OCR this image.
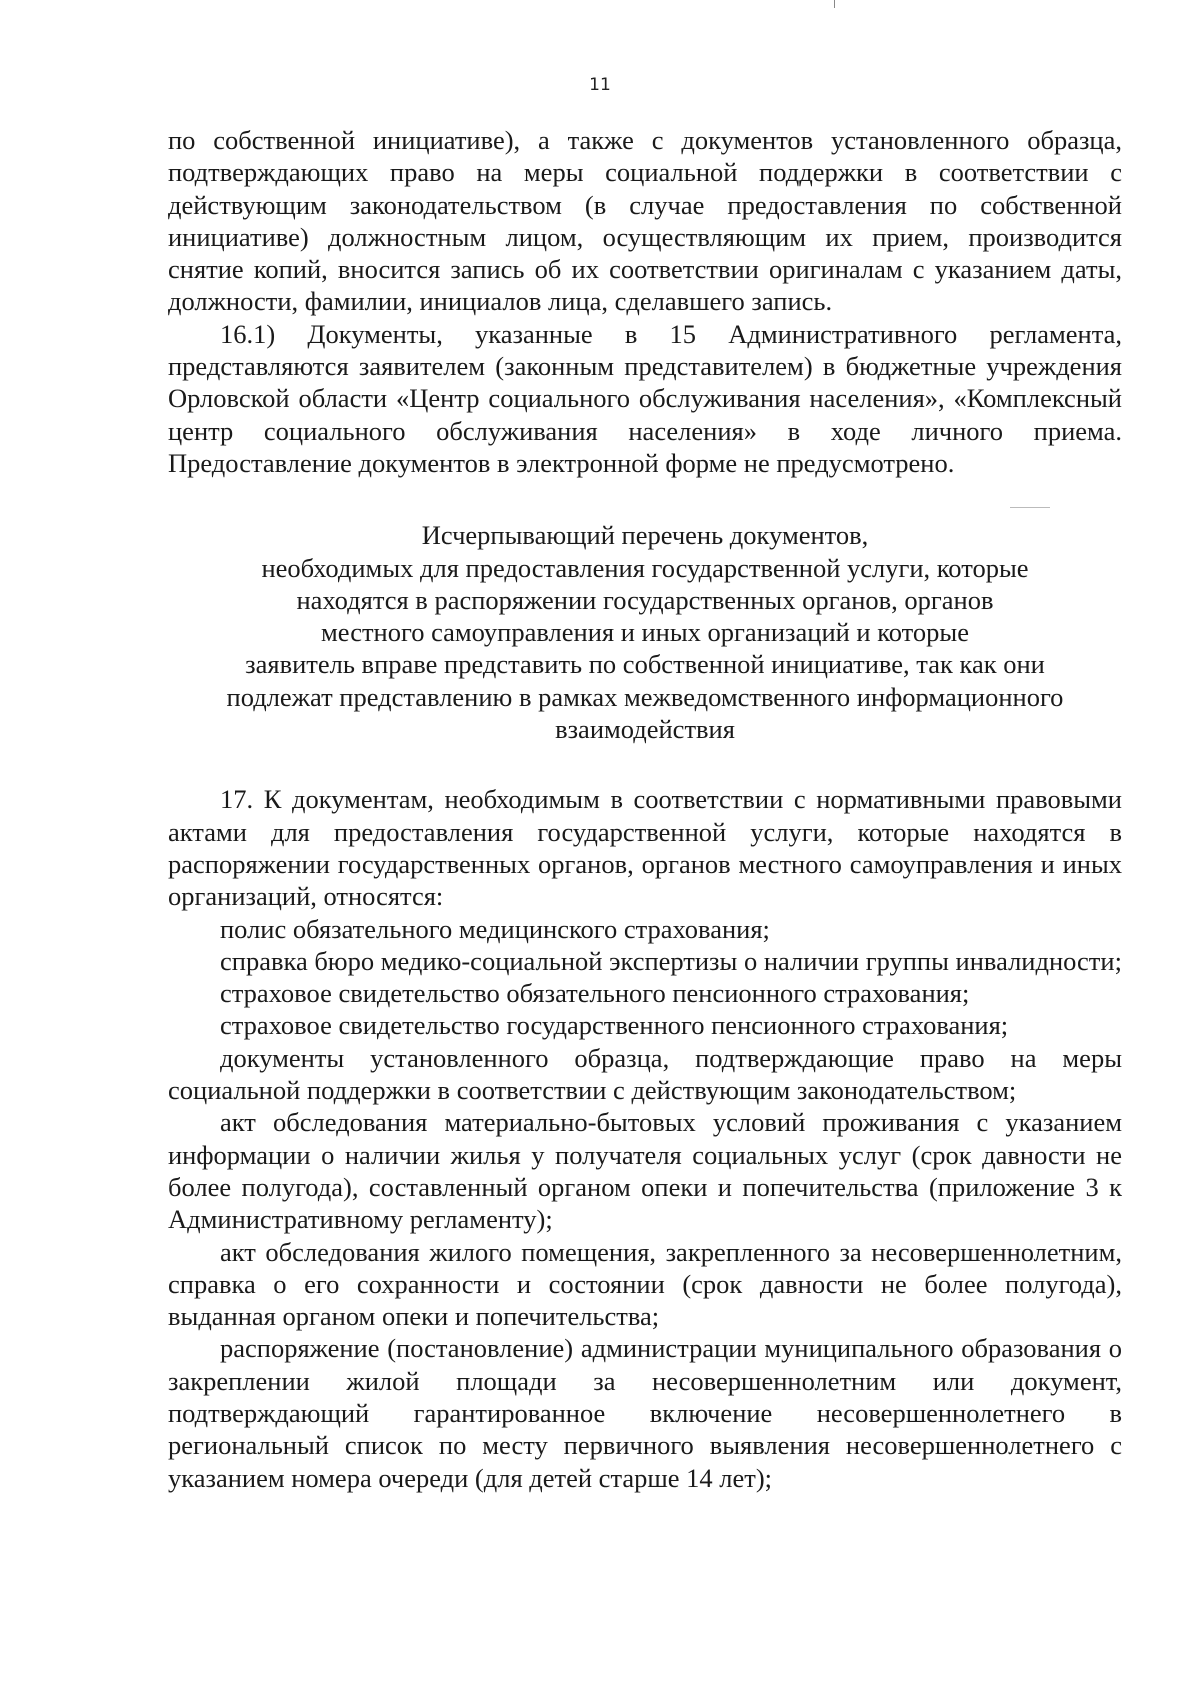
11

по собственной инициативе), а также с документов установленного образца, подтверждающих право на меры социальной поддержки в соответствии с действующим законодательством (в случае предоставления по собственной инициативе) должностным лицом, осуществляющим их прием, производится снятие копий, вносится запись об их соответствии оригиналам с указанием даты, должности, фамилии, инициалов лица, сделавшего запись.

16.1) Документы, указанные в 15 Административного регламента, представляются заявителем (законным представителем) в бюджетные учреждения Орловской области «Центр социального обслуживания населения», «Комплексный центр социального обслуживания населения» в ходе личного приема. Предоставление документов в электронной форме не предусмотрено.

Исчерпывающий перечень документов,
необходимых для предоставления государственной услуги, которые
находятся в распоряжении государственных органов, органов
местного самоуправления и иных организаций и которые
заявитель вправе представить по собственной инициативе, так как они
подлежат представлению в рамках межведомственного информационного
взаимодействия

17. К документам, необходимым в соответствии с нормативными правовыми актами для предоставления государственной услуги, которые находятся в распоряжении государственных органов, органов местного самоуправления и иных организаций, относятся:

полис обязательного медицинского страхования;

справка бюро медико-социальной экспертизы о наличии группы инвалидности;

страховое свидетельство обязательного пенсионного страхования;

страховое свидетельство государственного пенсионного страхования;

документы установленного образца, подтверждающие право на меры социальной поддержки в соответствии с действующим законодательством;

акт обследования материально-бытовых условий проживания с указанием информации о наличии жилья у получателя социальных услуг (срок давности не более полугода), составленный органом опеки и попечительства (приложение 3 к Административному регламенту);

акт обследования жилого помещения, закрепленного за несовершеннолетним, справка о его сохранности и состоянии (срок давности не более полугода), выданная органом опеки и попечительства;

распоряжение (постановление) администрации муниципального образования о закреплении жилой площади за несовершеннолетним или документ, подтверждающий гарантированное включение несовершеннолетнего в региональный список по месту первичного выявления несовершеннолетнего с указанием номера очереди (для детей старше 14 лет);
